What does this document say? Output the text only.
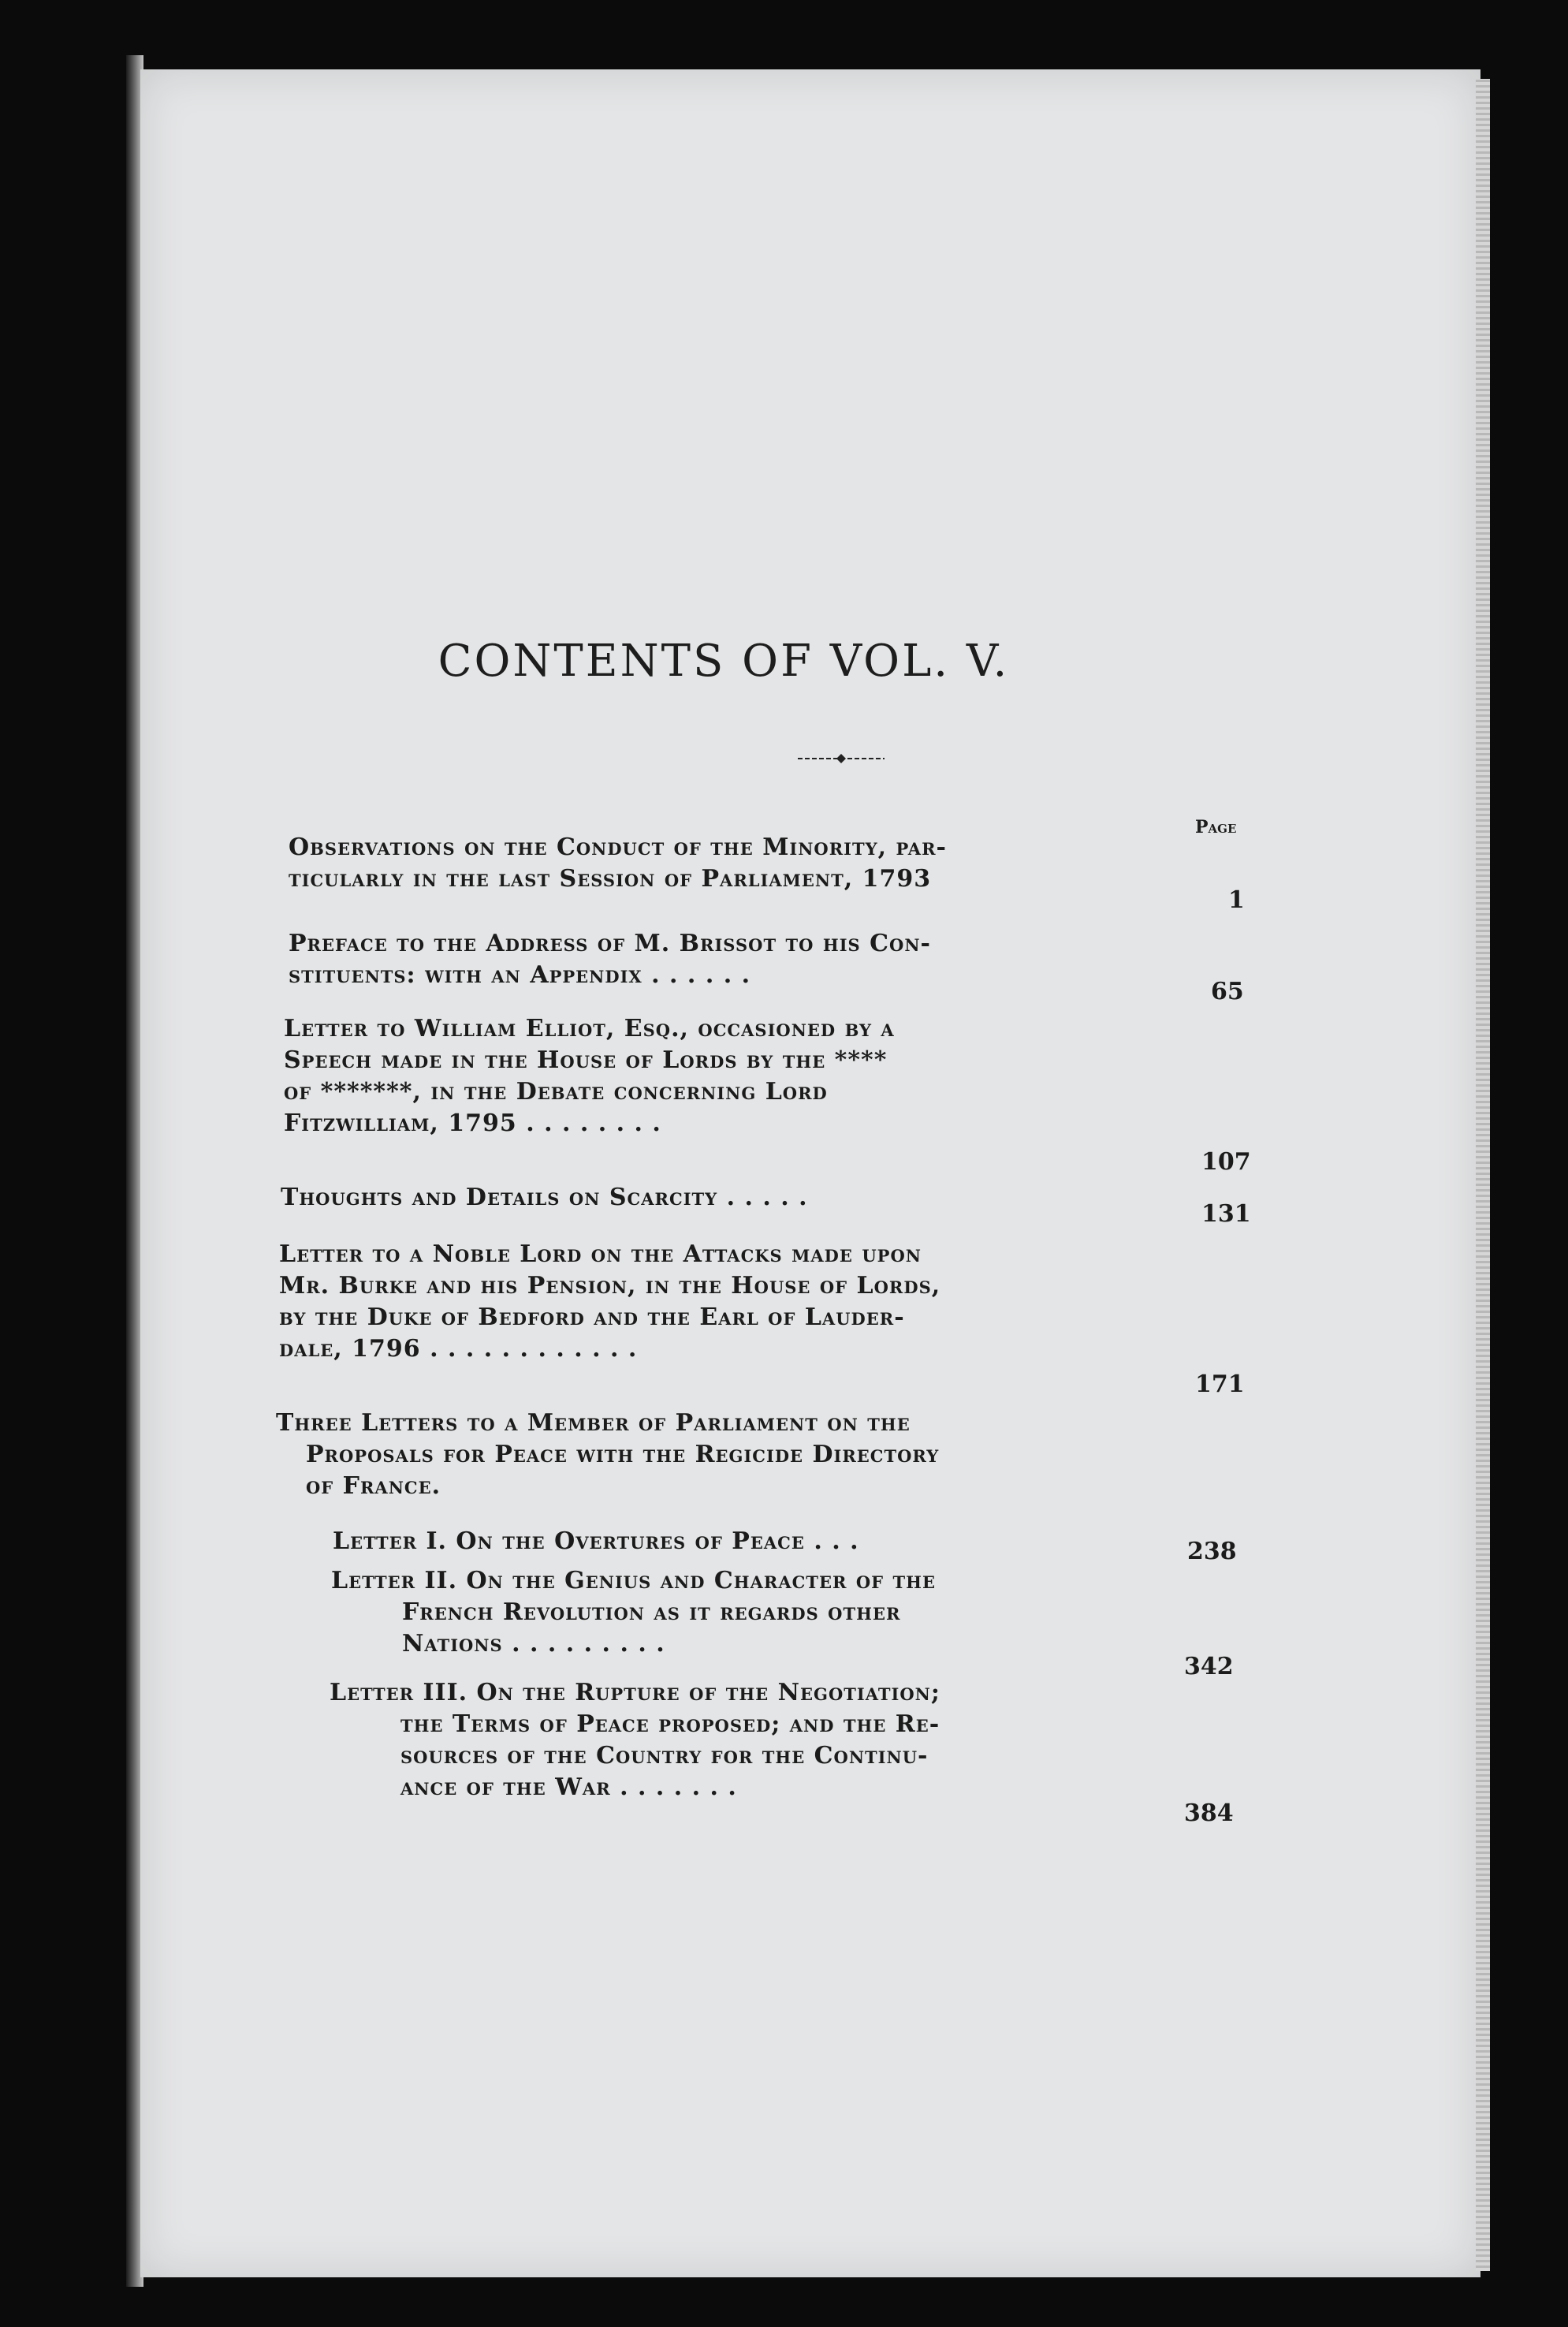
CONTENTS OF VOL. V.
Page
Observations on the Conduct of the Minority, par-
ticularly in the last Session of Parliament, 1793
1
Preface to the Address of M. Brissot to his Con-
stituents: with an Appendix . . . . . .
65
Letter to William Elliot, Esq., occasioned by a
Speech made in the House of Lords by the ****
of *******, in the Debate concerning Lord
Fitzwilliam, 1795 . . . . . . . .
107
Thoughts and Details on Scarcity . . . . .
131
Letter to a Noble Lord on the Attacks made upon
Mr. Burke and his Pension, in the House of Lords,
by the Duke of Bedford and the Earl of Lauder-
dale, 1796 . . . . . . . . . . . .
171
Three Letters to a Member of Parliament on the
Proposals for Peace with the Regicide Directory
of France.
Letter I. On the Overtures of Peace . . .	238
Letter II. On the Genius and Character of the
French Revolution as it regards other
Nations . . . . . . . . .
342
Letter III. On the Rupture of the Negotiation;
the Terms of Peace proposed; and the Re-
sources of the Country for the Continu-
ance of the War . . . . . . .
384
